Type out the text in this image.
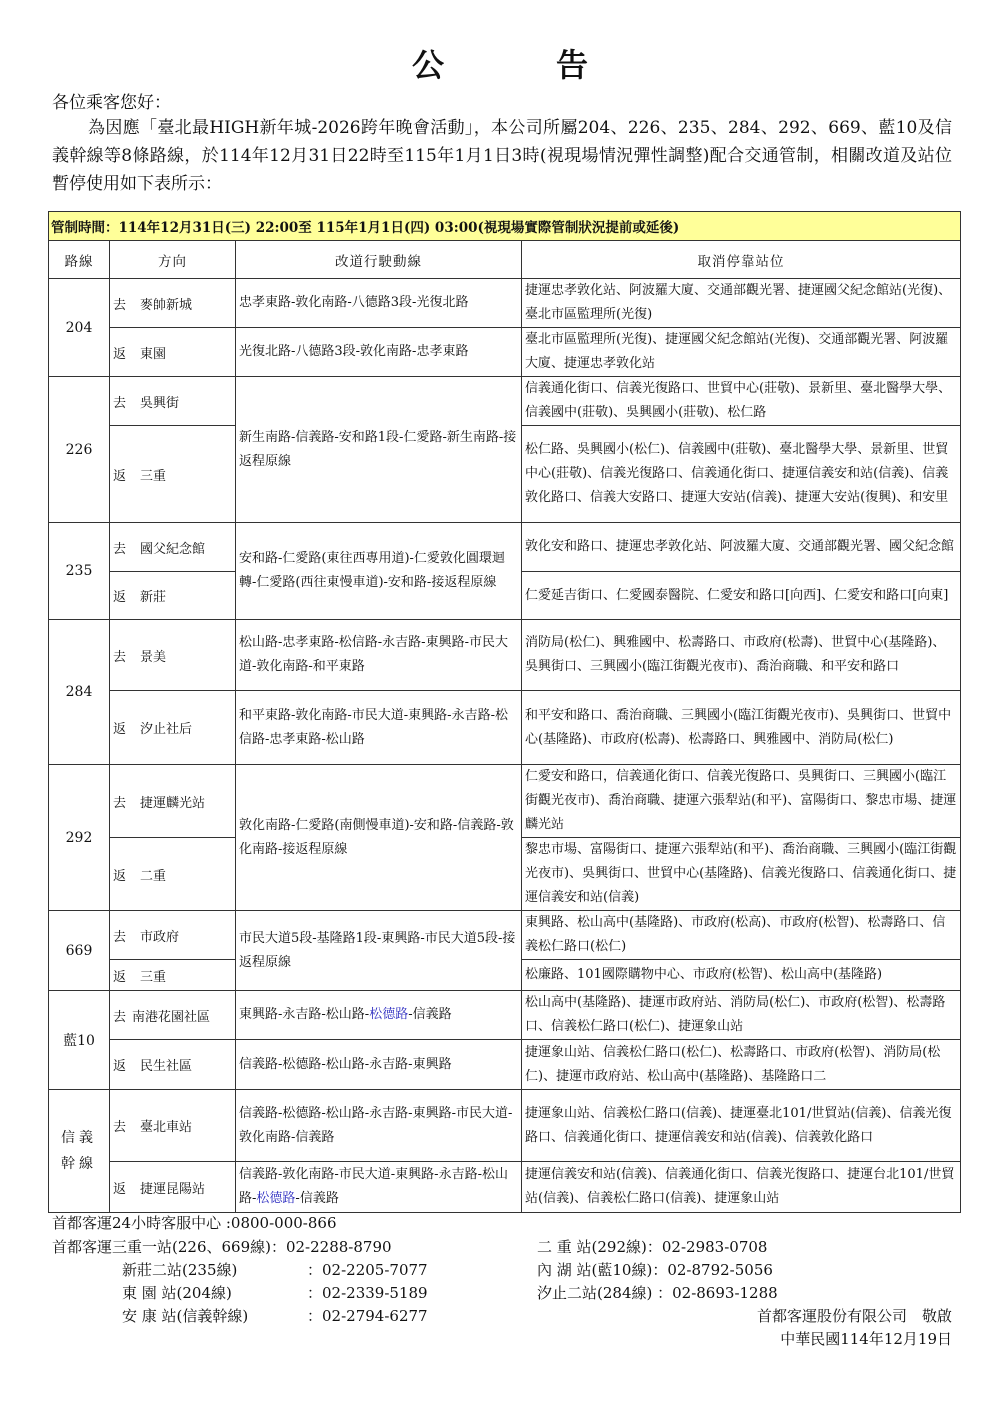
公　告
各位乘客您好：
為因應「臺北最HIGH新年城-2026跨年晚會活動」，本公司所屬204、226、235、284、292、669、藍10及信義幹線等8條路線，於114年12月31日22時至115年1月1日3時(視現場情況彈性調整)配合交通管制，相關改道及站位暫停使用如下表所示：
管制時間：114年12月31日(三) 22:00至 115年1月1日(四) 03:00(視現場實際管制狀況提前或延後)			
路線	方向	改道行駛動線	取消停靠站位
204	去 麥帥新城	忠孝東路-敦化南路-八德路3段-光復北路	捷運忠孝敦化站、阿波羅大廈、交通部觀光署、捷運國父紀念館站(光復)、臺北市區監理所(光復)
	返 東園	光復北路-八德路3段-敦化南路-忠孝東路	臺北市區監理所(光復)、捷運國父紀念館站(光復)、交通部觀光署、阿波羅大廈、捷運忠孝敦化站
226	去 吳興街	新生南路-信義路-安和路1段-仁愛路-新生南路-接返程原線	信義通化街口、信義光復路口、世貿中心(莊敬)、景新里、臺北醫學大學、信義國中(莊敬)、吳興國小(莊敬)、松仁路
	返 三重		松仁路、吳興國小(松仁)、信義國中(莊敬)、臺北醫學大學、景新里、世貿中心(莊敬)、信義光復路口、信義通化街口、捷運信義安和站(信義)、信義敦化路口、信義大安路口、捷運大安站(信義)、捷運大安站(復興)、和安里
235	去 國父紀念館	安和路-仁愛路(東往西專用道)-仁愛敦化圓環迴轉-仁愛路(西往東慢車道)-安和路-接返程原線	敦化安和路口、捷運忠孝敦化站、阿波羅大廈、交通部觀光署、國父紀念館
	返 新莊		仁愛延吉街口、仁愛國泰醫院、仁愛安和路口[向西]、仁愛安和路口[向東]
284	去 景美	松山路-忠孝東路-松信路-永吉路-東興路-市民大道-敦化南路-和平東路	消防局(松仁)、興雅國中、松壽路口、市政府(松壽)、世貿中心(基隆路)、吳興街口、三興國小(臨江街觀光夜市)、喬治商職、和平安和路口
	返 汐止社后	和平東路-敦化南路-市民大道-東興路-永吉路-松信路-忠孝東路-松山路	和平安和路口、喬治商職、三興國小(臨江街觀光夜市)、吳興街口、世貿中心(基隆路)、市政府(松壽)、松壽路口、興雅國中、消防局(松仁)
292	去 捷運麟光站	敦化南路-仁愛路(南側慢車道)-安和路-信義路-敦化南路-接返程原線	仁愛安和路口，信義通化街口、信義光復路口、吳興街口、三興國小(臨江街觀光夜市)、喬治商職、捷運六張犁站(和平)、富陽街口、黎忠市場、捷運麟光站
	返 二重		黎忠市場、富陽街口、捷運六張犁站(和平)、喬治商職、三興國小(臨江街觀光夜市)、吳興街口、世貿中心(基隆路)、信義光復路口、信義通化街口、捷運信義安和站(信義)
669	去 市政府	市民大道5段-基隆路1段-東興路-市民大道5段-接返程原線	東興路、松山高中(基隆路)、市政府(松高)、市政府(松智)、松壽路口、信義松仁路口(松仁)
	返 三重		松廉路、101國際購物中心、市政府(松智)、松山高中(基隆路)
藍10	去 南港花園社區	東興路-永吉路-松山路-松德路-信義路	松山高中(基隆路)、捷運市政府站、消防局(松仁)、市政府(松智)、松壽路口、信義松仁路口(松仁)、捷運象山站
	返 民生社區	信義路-松德路-松山路-永吉路-東興路	捷運象山站、信義松仁路口(松仁)、松壽路口、市政府(松智)、消防局(松仁)、捷運市政府站、松山高中(基隆路)、基隆路口二
信義幹線	去 臺北車站	信義路-松德路-松山路-永吉路-東興路-市民大道-敦化南路-信義路	捷運象山站、信義松仁路口(信義)、捷運臺北101/世貿站(信義)、信義光復路口、信義通化街口、捷運信義安和站(信義)、信義敦化路口
	返 捷運昆陽站	信義路-敦化南路-市民大道-東興路-永吉路-松山路-松德路-信義路	捷運信義安和站(信義)、信義通化街口、信義光復路口、捷運台北101/世貿站(信義)、信義松仁路口(信義)、捷運象山站
首都客運24小時客服中心 :0800-000-866
首都客運三重一站(226、669線)：02-2288-8790
新莊二站(235線)	：02-2205-7077
東 園 站(204線)	：02-2339-5189
安 康 站(信義幹線)	：02-2794-6277
二 重 站(292線)：02-2983-0708
內 湖 站(藍10線)：02-8792-5056
汐止二站(284線) ：02-8693-1288
首都客運股份有限公司　敬啟
中華民國114年12月19日
